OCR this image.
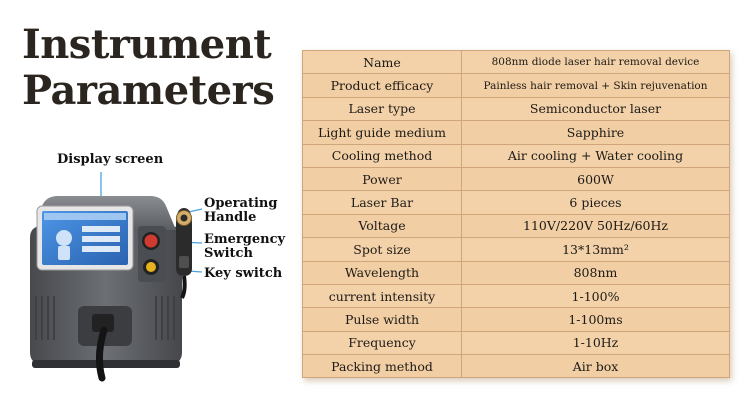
Instrument
Parameters
Display screen
Operating
Handle
Emergency
Switch
Key switch
Name	808nm diode laser hair removal device
Product efficacy	Painless hair removal + Skin rejuvenation
Laser type	Semiconductor laser
Light guide medium	Sapphire
Cooling method	Air cooling + Water cooling
Power	600W
Laser Bar	6 pieces
Voltage	110V/220V 50Hz/60Hz
Spot size	13*13mm²
Wavelength	808nm
current intensity	1-100%
Pulse width	1-100ms
Frequency	1-10Hz
Packing method	Air box
